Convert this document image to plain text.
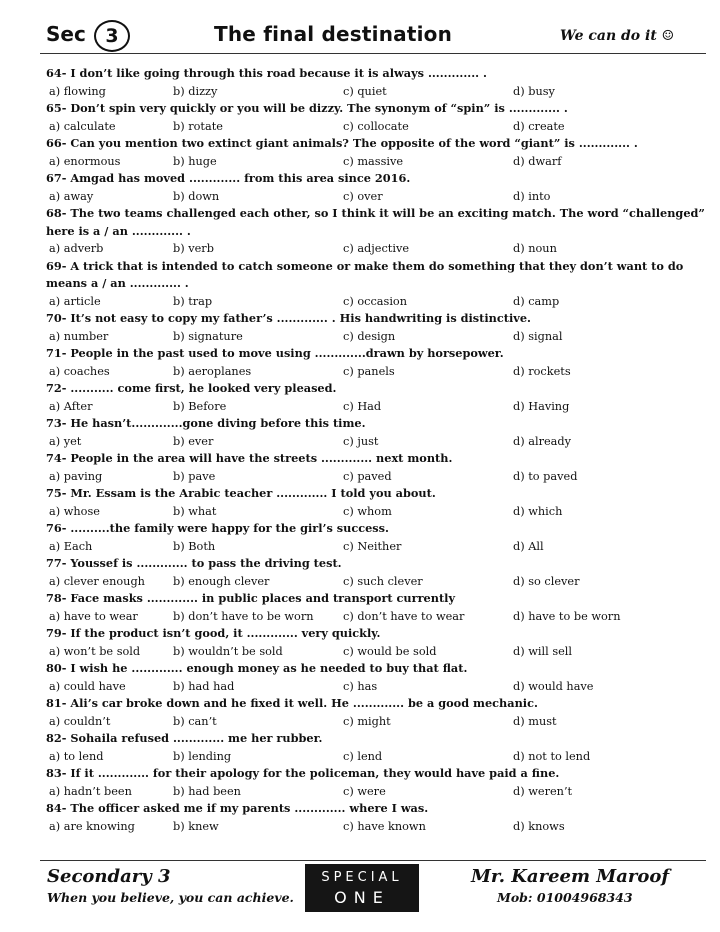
Sec	3	The final destination	We can do it ☺
64- I don’t like going through this road because it is always ............. .
a) flowing	b) dizzy	c) quiet	d) busy
65- Don’t spin very quickly or you will be dizzy. The synonym of “spin” is ............. .
a) calculate	b) rotate	c) collocate	d) create
66- Can you mention two extinct giant animals? The opposite of the word “giant” is ............. .
a) enormous	b) huge	c) massive	d) dwarf
67- Amgad has moved ............. from this area since 2016.
a) away	b) down	c) over	d) into
68- The two teams challenged each other, so I think it will be an exciting match. The word “challenged” here is a / an ............. .
a) adverb	b) verb	c) adjective	d) noun
69- A trick that is intended to catch someone or make them do something that they don’t want to do means a / an ............. .
a) article	b) trap	c) occasion	d) camp
70- It’s not easy to copy my father’s ............. . His handwriting is distinctive.
a) number	b) signature	c) design	d) signal
71- People in the past used to move using .............drawn by horsepower.
a) coaches	b) aeroplanes	c) panels	d) rockets
72- ........... come first, he looked very pleased.
a) After	b) Before	c) Had	d) Having
73- He hasn’t.............gone diving before this time.
a) yet	b) ever	c) just	d) already
74- People in the area will have the streets ............. next month.
a) paving	b) pave	c) paved	d) to paved
75- Mr. Essam is the Arabic teacher ............. I told you about.
a) whose	b) what	c) whom	d) which
76- ..........the family were happy for the girl’s success.
a) Each	b) Both	c) Neither	d) All
77- Youssef is ............. to pass the driving test.
a) clever enough b) enough clever	c) such clever	d) so clever
78- Face masks ............. in public places and transport currently
a) have to wear	b) don’t have to be worn	c) don’t have to wear	d) have to be worn
79- If the product isn’t good, it ............. very quickly.
a) won’t be sold	b) wouldn’t be sold	c) would be sold	d) will sell
80- I wish he ............. enough money as he needed to buy that flat.
a) could have	b) had had	c) has	d) would have
81- Ali’s car broke down and he fixed it well. He ............. be a good mechanic.
a) couldn’t	b) can’t	c) might	d) must
82- Sohaila refused ............. me her rubber.
a) to lend	b) lending	c) lend	d) not to lend
83- If it ............. for their apology for the policeman, they would have paid a fine.
a) hadn’t been	b) had been	c) were	d) weren’t
84- The officer asked me if my parents ............. where I was.
a) are knowing	b) knew	c) have known	d) knows
Secondary 3
When you believe, you can achieve.
SPECIAL
ONE
Mr. Kareem Maroof
Mob: 01004968343
